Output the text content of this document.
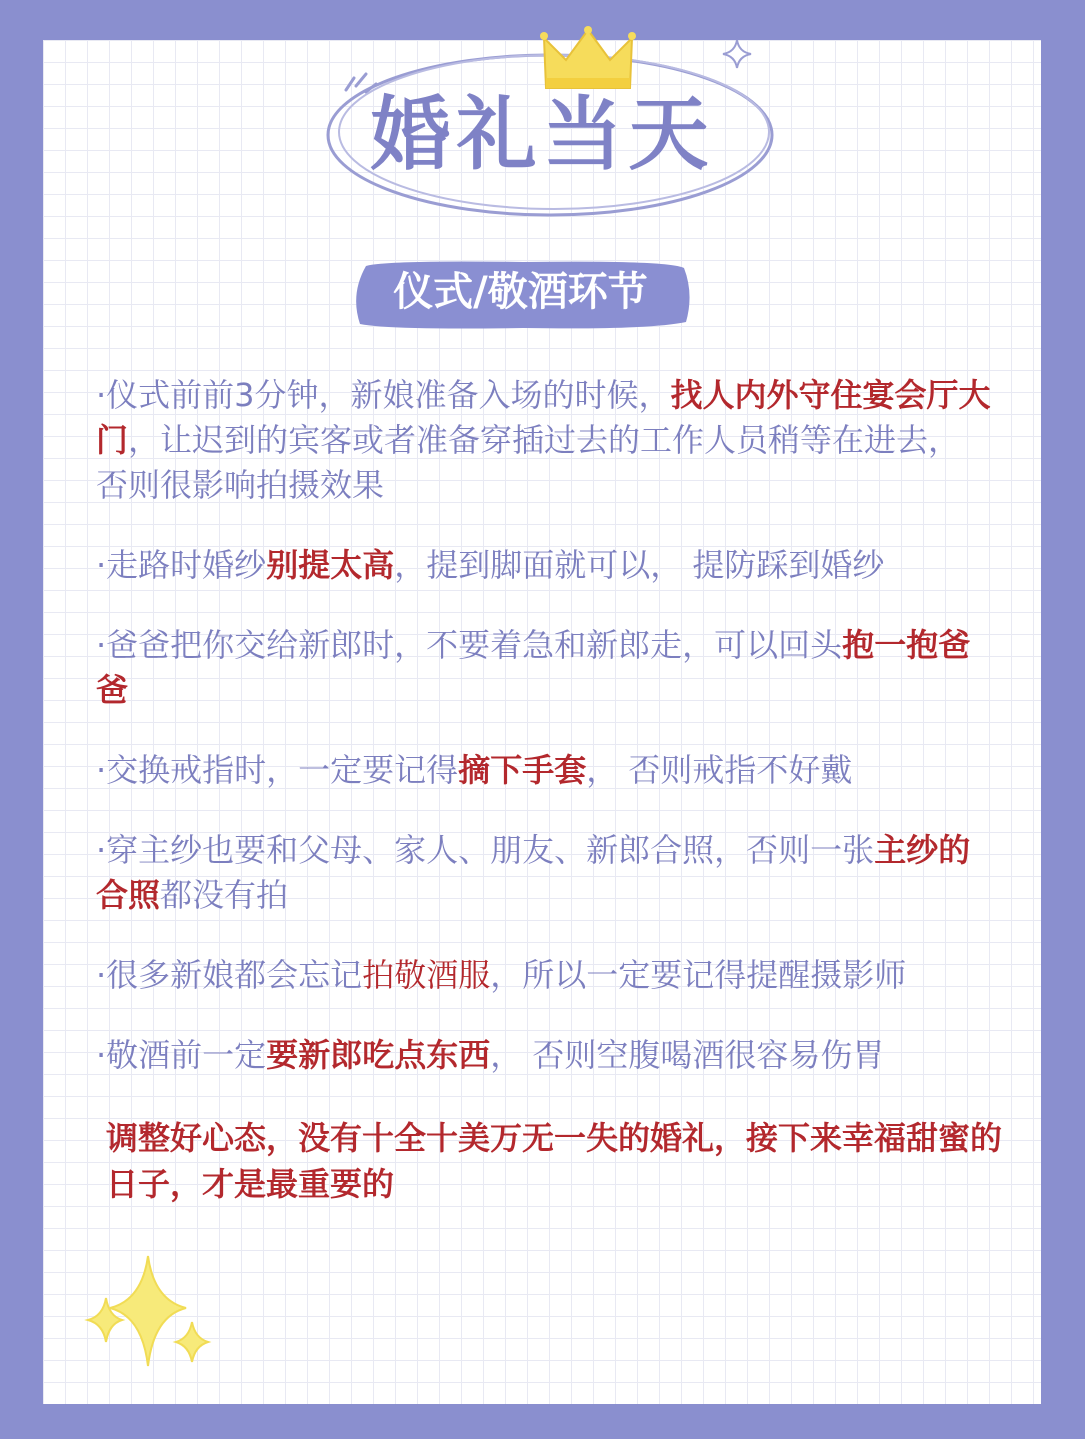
婚礼当天
仪式/敬酒环节
·仪式前前3分钟，新娘准备入场的时候，找人内外守住宴会厅大门，让迟到的宾客或者准备穿插过去的工作人员稍等在进去， 否则很影响拍摄效果
·走路时婚纱别提太高，提到脚面就可以， 提防踩到婚纱
·爸爸把你交给新郎时，不要着急和新郎走，可以回头抱一抱爸爸
·交换戒指时，一定要记得摘下手套， 否则戒指不好戴
·穿主纱也要和父母、家人、朋友、新郎合照，否则一张主纱的合照都没有拍
·很多新娘都会忘记拍敬酒服，所以一定要记得提醒摄影师
·敬酒前一定要新郎吃点东西， 否则空腹喝酒很容易伤胃

调整好心态，没有十全十美万无一失的婚礼，接下来幸福甜蜜的日子，才是最重要的
